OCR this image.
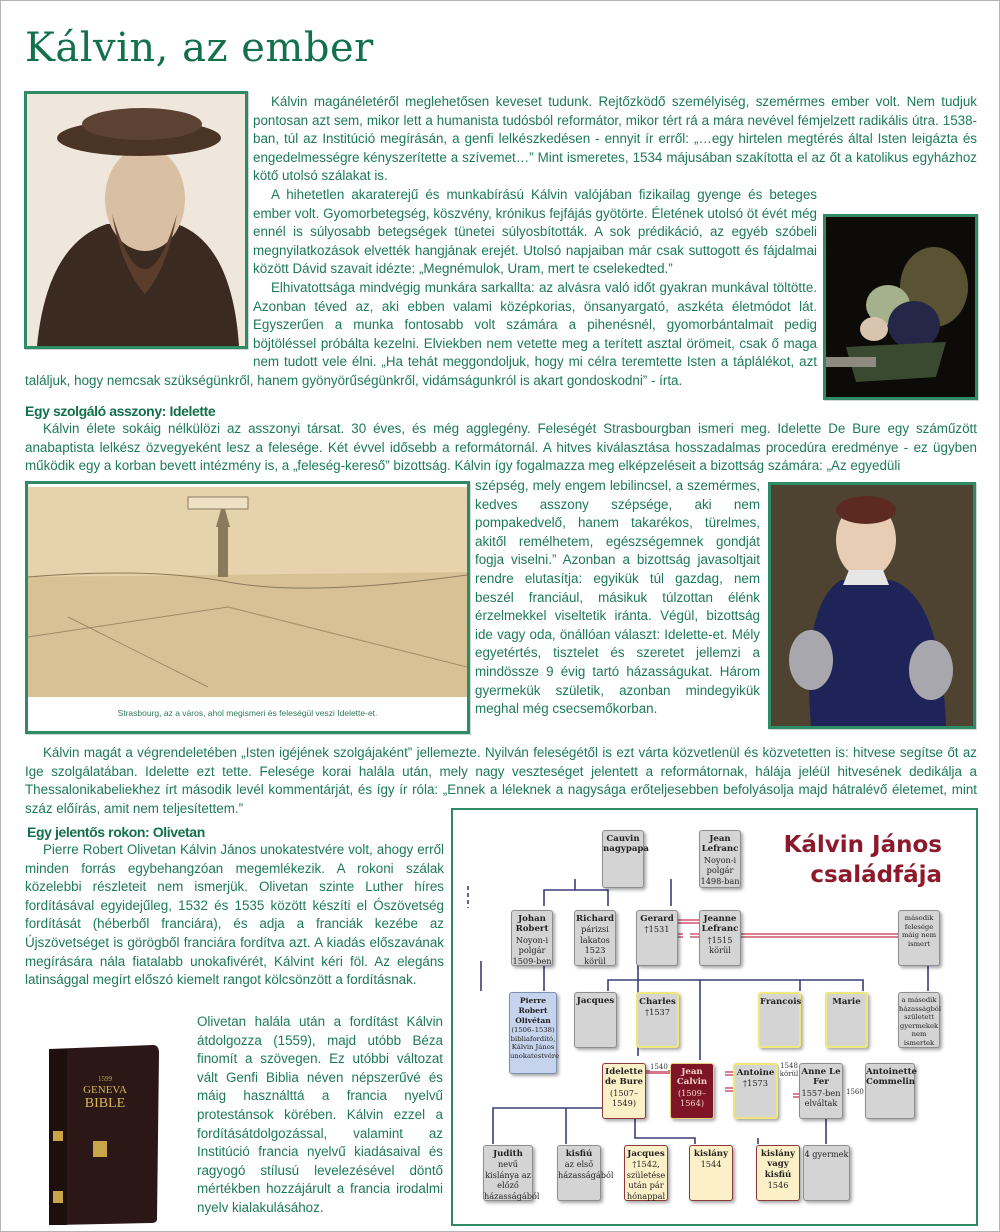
Kálvin, az ember

Kálvin magánéletéről meglehetősen keveset tudunk. Rejtőzködő személyiség, szemérmes ember volt. Nem tudjuk pontosan azt sem, mikor lett a humanista tudósból reformátor, mikor tért rá a mára nevével fémjelzett radikális útra. 1538-ban, túl az Institúció megírásán, a genfi lelkészkedésen - ennyit ír erről: „…egy hirtelen megtérés által Isten leigázta és engedelmességre kényszerítette a szívemet…” Mint ismeretes, 1534 májusában szakította el az őt a katolikus egyházhoz kötő utolsó szálakat is.

A hihetetlen akaraterejű és munkabírású Kálvin valójában fizikailag gyenge és beteges ember volt. Gyomorbetegség, köszvény, krónikus fejfájás gyötörte. Életének utolsó öt évét még ennél is súlyosabb betegségek tünetei súlyosbították. A sok prédikáció, az egyéb szóbeli megnyilatkozások elvették hangjának erejét. Utolsó napjaiban már csak suttogott és fájdalmai között Dávid szavait idézte: „Megnémulok, Uram, mert te cselekedted.”

Elhivatottsága mindvégig munkára sarkallta: az alvásra való időt gyakran munkával töltötte. Azonban téved az, aki ebben valami középkorias, önsanyargató, aszkéta életmódot lát. Egyszerűen a munka fontosabb volt számára a pihenésnél, gyomorbántalmait pedig böjtöléssel próbálta kezelni. Elviekben nem vetette meg a terített asztal örömeit, csak ő maga nem tudott vele élni. „Ha tehát meggondoljuk, hogy mi célra teremtette Isten a táplálékot, azt találjuk, hogy nemcsak szükségünkről, hanem gyönyörűségünkről, vidámságunkról is akart gondoskodni” - írta.

Egy szolgáló asszony: Idelette

Kálvin élete sokáig nélkülözi az asszonyi társat. 30 éves, és még agglegény. Feleségét Strasbourgban ismeri meg. Idelette De Bure egy száműzött anabaptista lelkész özvegyeként lesz a felesége. Két évvel idősebb a reformátornál. A hitves kiválasztása hosszadalmas procedúra eredménye - ez ügyben működik egy a korban bevett intézmény is, a „feleség-kereső” bizottság. Kálvin így fogalmazza meg elképzeléseit a bizottság számára: „Az egyedüli

Strasbourg, az a város, ahol megismeri és feleségül veszi Idelette-et.

szépség, mely engem lebilincsel, a szemérmes, kedves asszony szépsége, aki nem pompakedvelő, hanem takarékos, türelmes, akitől remélhetem, egészségemnek gondját fogja viselni.” Azonban a bizottság javasoltjait rendre elutasítja: egyikük túl gazdag, nem beszél franciául, másikuk túlzottan élénk érzelmekkel viseltetik iránta. Végül, bizottság ide vagy oda, önállóan választ: Idelette-et. Mély egyetértés, tisztelet és szeretet jellemzi a mindössze 9 évig tartó házasságukat. Három gyermekük születik, azonban mindegyikük meghal még csecsemőkorban.

Kálvin magát a végrendeletében „Isten igéjének szolgájaként” jellemezte. Nyilván feleségétől is ezt várta közvetlenül és közvetetten is: hitvese segítse őt az Ige szolgálatában. Idelette ezt tette. Felesége korai halála után, mely nagy veszteséget jelentett a reformátornak, hálája jeléül hitvesének dedikálja a Thessalonikabeliekhez írt második levél kommentárját, és így ír róla: „Ennek a léleknek a nagysága erőteljesebben befolyásolja majd hátralévő életemet, mint száz előírás, amit nem teljesítettem.”

Egy jelentős rokon: Olivetan

Pierre Robert Olivetan Kálvin János unokatestvére volt, ahogy erről minden forrás egybehangzóan megemlékezik. A rokoni szálak közelebbi részleteit nem ismerjük. Olivetan szinte Luther híres fordításával egyidejűleg, 1532 és 1535 között készíti el Ószövetség fordítását (héberből franciára), és adja a franciák kezébe az Újszövetséget is görögből franciára fordítva azt. A kiadás előszavának megírására nála fiatalabb unokafivérét, Kálvint kéri föl. Az elegáns latinsággal megírt előszó kiemelt rangot kölcsönzött a fordításnak.

1599
GENEVA
BIBLE

Olivetan halála után a fordítást Kálvin átdolgozza (1559), majd utóbb Béza finomít a szövegen. Ez utóbbi változat vált Genfi Biblia néven népszerűvé és máig használttá a francia nyelvű protestánsok körében. Kálvin ezzel a fordításátdolgozással, valamint az Institúció francia nyelvű kiadásaival és ragyogó stílusú levelezésével döntő mértékben hozzájárult a francia irodalmi nyelv kialakulásához.

Kálvin János
családfája
Cauvin nagypapa
Jean Lefranc
Noyon-i polgár 1498-ban
Johan Robert
Noyon-i polgár 1509-ben
Richard
párizsi lakatos 1523 körül
Gerard
†1531
Jeanne Lefranc
†1515 körül
második felesége máig nem ismert
Pierre Robert Olivétan
(1506–1538) bibliafordító, Kálvin János unokatestvére
Jacques	Charles
†1537
Francois	Marie	a második házasságból született gyermekek nem ismertek
Idelette de Bure
(1507–1549)
1540	Jean Calvin
(1509–1564)
Antoine
†1573
1548 körül Anne Le Fer
1557-ben elváltak
1560
Antoinette Commelin
Judith
nevű kislánya az előző házasságából
kisfiú
az első házasságából
Jacques
†1542, születése után pár hónappal
kislány
1544
kislány vagy kisfiú
1546
4 gyermek
